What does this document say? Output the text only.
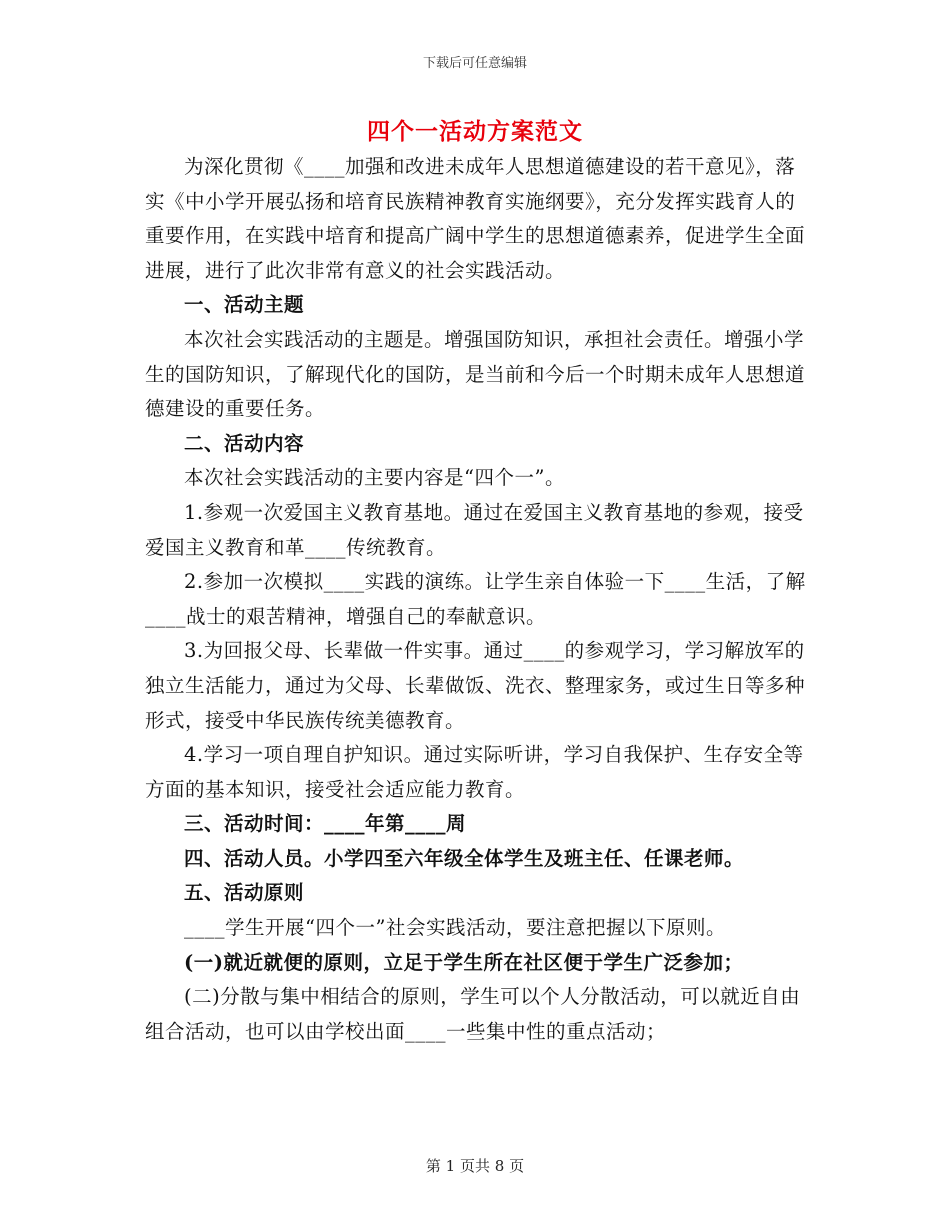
下载后可任意编辑
四个一活动方案范文

为深化贯彻《____加强和改进未成年人思想道德建设的若干意见》，落实《中小学开展弘扬和培育民族精神教育实施纲要》，充分发挥实践育人的重要作用，在实践中培育和提高广阔中学生的思想道德素养，促进学生全面进展，进行了此次非常有意义的社会实践活动。

一、活动主题

本次社会实践活动的主题是。增强国防知识，承担社会责任。增强小学生的国防知识，了解现代化的国防，是当前和今后一个时期未成年人思想道德建设的重要任务。

二、活动内容

本次社会实践活动的主要内容是“四个一”。

1.参观一次爱国主义教育基地。通过在爱国主义教育基地的参观，接受爱国主义教育和革____传统教育。

2.参加一次模拟____实践的演练。让学生亲自体验一下____生活，了解____战士的艰苦精神，增强自己的奉献意识。

3.为回报父母、长辈做一件实事。通过____的参观学习，学习解放军的独立生活能力，通过为父母、长辈做饭、洗衣、整理家务，或过生日等多种形式，接受中华民族传统美德教育。

4.学习一项自理自护知识。通过实际听讲，学习自我保护、生存安全等方面的基本知识，接受社会适应能力教育。

三、活动时间：____年第____周

四、活动人员。小学四至六年级全体学生及班主任、任课老师。

五、活动原则

____学生开展“四个一”社会实践活动，要注意把握以下原则。

(一)就近就便的原则，立足于学生所在社区便于学生广泛参加；

(二)分散与集中相结合的原则，学生可以个人分散活动，可以就近自由组合活动，也可以由学校出面____一些集中性的重点活动；

第 1 页共 8 页
